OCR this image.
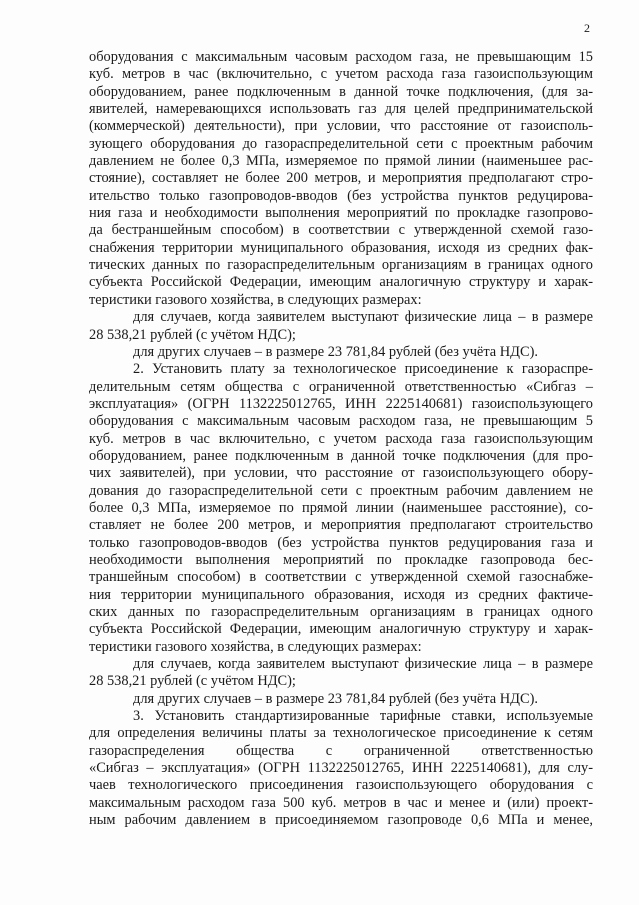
2
оборудования с максимальным часовым расходом газа, не превышающим 15
куб. метров в час (включительно, с учетом расхода газа газоиспользующим
оборудованием, ранее подключенным в данной точке подключения, (для за-
явителей, намеревающихся использовать газ для целей предпринимательской
(коммерческой) деятельности), при условии, что расстояние от газоисполь-
зующего оборудования до газораспределительной сети с проектным рабочим
давлением не более 0,3 МПа, измеряемое по прямой линии (наименьшее рас-
стояние), составляет не более 200 метров, и мероприятия предполагают стро-
ительство только газопроводов-вводов (без устройства пунктов редуцирова-
ния газа и необходимости выполнения мероприятий по прокладке газопрово-
да бестраншейным способом) в соответствии с утвержденной схемой газо-
снабжения территории муниципального образования, исходя из средних фак-
тических данных по газораспределительным организациям в границах одного
субъекта Российской Федерации, имеющим аналогичную структуру и харак-
теристики газового хозяйства, в следующих размерах:
для случаев, когда заявителем выступают физические лица – в размере
28 538,21 рублей (с учётом НДС);
для других случаев – в размере 23 781,84 рублей (без учёта НДС).
2. Установить плату за технологическое присоединение к газораспре-
делительным сетям общества с ограниченной ответственностью «Сибгаз –
эксплуатация» (ОГРН 1132225012765, ИНН 2225140681) газоиспользующего
оборудования с максимальным часовым расходом газа, не превышающим 5
куб. метров в час включительно, с учетом расхода газа газоиспользующим
оборудованием, ранее подключенным в данной точке подключения (для про-
чих заявителей), при условии, что расстояние от газоиспользующего обору-
дования до газораспределительной сети с проектным рабочим давлением не
более 0,3 МПа, измеряемое по прямой линии (наименьшее расстояние), со-
ставляет не более 200 метров, и мероприятия предполагают строительство
только газопроводов-вводов (без устройства пунктов редуцирования газа и
необходимости выполнения мероприятий по прокладке газопровода бес-
траншейным способом) в соответствии с утвержденной схемой газоснабже-
ния территории муниципального образования, исходя из средних фактиче-
ских данных по газораспределительным организациям в границах одного
субъекта Российской Федерации, имеющим аналогичную структуру и харак-
теристики газового хозяйства, в следующих размерах:
для случаев, когда заявителем выступают физические лица – в размере
28 538,21 рублей (с учётом НДС);
для других случаев – в размере 23 781,84 рублей (без учёта НДС).
3. Установить стандартизированные тарифные ставки, используемые
для определения величины платы за технологическое присоединение к сетям
газораспределения общества с ограниченной ответственностью
«Сибгаз – эксплуатация» (ОГРН 1132225012765, ИНН 2225140681), для слу-
чаев технологического присоединения газоиспользующего оборудования с
максимальным расходом газа 500 куб. метров в час и менее и (или) проект-
ным рабочим давлением в присоединяемом газопроводе 0,6 МПа и менее,
